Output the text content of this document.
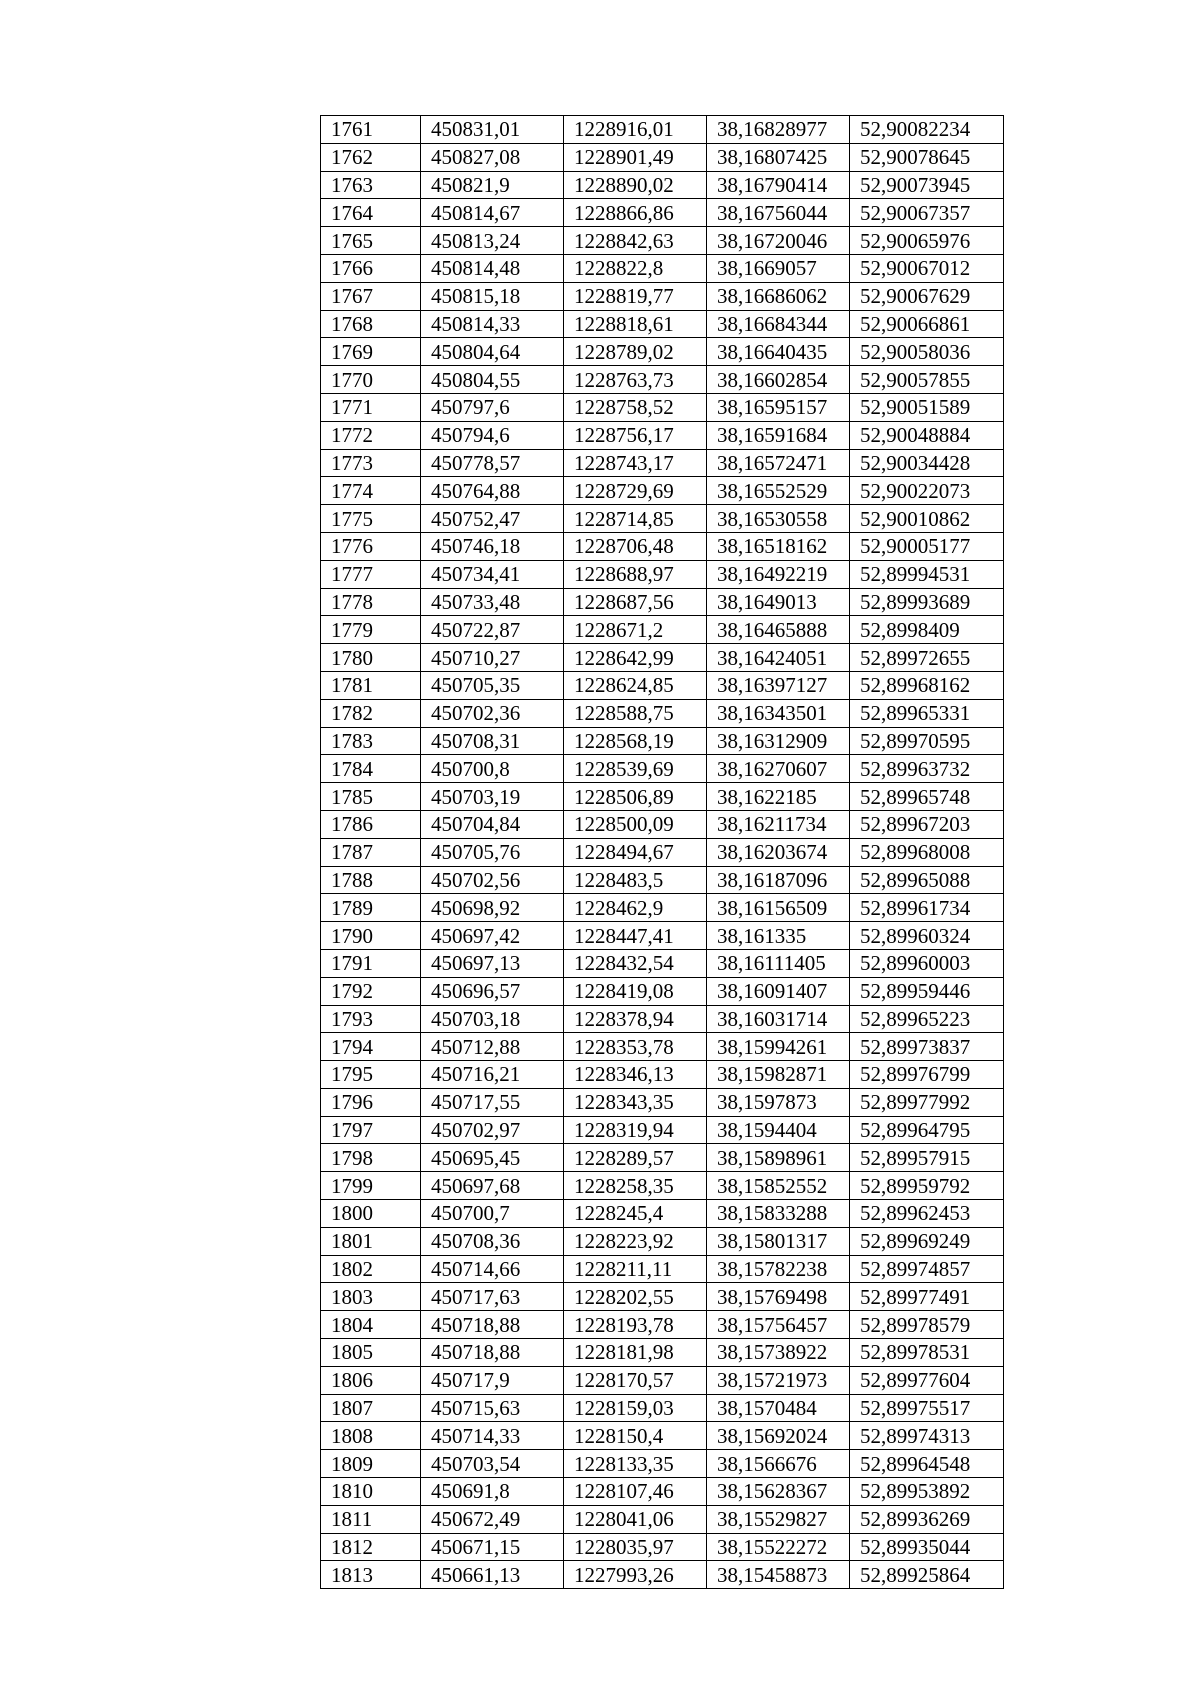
1761	450831,01	1228916,01	38,16828977	52,90082234
1762	450827,08	1228901,49	38,16807425	52,90078645
1763	450821,9	1228890,02	38,16790414	52,90073945
1764	450814,67	1228866,86	38,16756044	52,90067357
1765	450813,24	1228842,63	38,16720046	52,90065976
1766	450814,48	1228822,8	38,1669057	52,90067012
1767	450815,18	1228819,77	38,16686062	52,90067629
1768	450814,33	1228818,61	38,16684344	52,90066861
1769	450804,64	1228789,02	38,16640435	52,90058036
1770	450804,55	1228763,73	38,16602854	52,90057855
1771	450797,6	1228758,52	38,16595157	52,90051589
1772	450794,6	1228756,17	38,16591684	52,90048884
1773	450778,57	1228743,17	38,16572471	52,90034428
1774	450764,88	1228729,69	38,16552529	52,90022073
1775	450752,47	1228714,85	38,16530558	52,90010862
1776	450746,18	1228706,48	38,16518162	52,90005177
1777	450734,41	1228688,97	38,16492219	52,89994531
1778	450733,48	1228687,56	38,1649013	52,89993689
1779	450722,87	1228671,2	38,16465888	52,8998409
1780	450710,27	1228642,99	38,16424051	52,89972655
1781	450705,35	1228624,85	38,16397127	52,89968162
1782	450702,36	1228588,75	38,16343501	52,89965331
1783	450708,31	1228568,19	38,16312909	52,89970595
1784	450700,8	1228539,69	38,16270607	52,89963732
1785	450703,19	1228506,89	38,1622185	52,89965748
1786	450704,84	1228500,09	38,16211734	52,89967203
1787	450705,76	1228494,67	38,16203674	52,89968008
1788	450702,56	1228483,5	38,16187096	52,89965088
1789	450698,92	1228462,9	38,16156509	52,89961734
1790	450697,42	1228447,41	38,161335	52,89960324
1791	450697,13	1228432,54	38,16111405	52,89960003
1792	450696,57	1228419,08	38,16091407	52,89959446
1793	450703,18	1228378,94	38,16031714	52,89965223
1794	450712,88	1228353,78	38,15994261	52,89973837
1795	450716,21	1228346,13	38,15982871	52,89976799
1796	450717,55	1228343,35	38,1597873	52,89977992
1797	450702,97	1228319,94	38,1594404	52,89964795
1798	450695,45	1228289,57	38,15898961	52,89957915
1799	450697,68	1228258,35	38,15852552	52,89959792
1800	450700,7	1228245,4	38,15833288	52,89962453
1801	450708,36	1228223,92	38,15801317	52,89969249
1802	450714,66	1228211,11	38,15782238	52,89974857
1803	450717,63	1228202,55	38,15769498	52,89977491
1804	450718,88	1228193,78	38,15756457	52,89978579
1805	450718,88	1228181,98	38,15738922	52,89978531
1806	450717,9	1228170,57	38,15721973	52,89977604
1807	450715,63	1228159,03	38,1570484	52,89975517
1808	450714,33	1228150,4	38,15692024	52,89974313
1809	450703,54	1228133,35	38,1566676	52,89964548
1810	450691,8	1228107,46	38,15628367	52,89953892
1811	450672,49	1228041,06	38,15529827	52,89936269
1812	450671,15	1228035,97	38,15522272	52,89935044
1813	450661,13	1227993,26	38,15458873	52,89925864
